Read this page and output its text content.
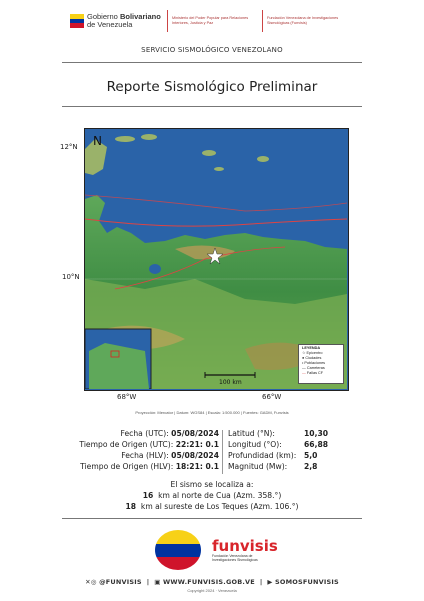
Gobierno Bolivariano
de Venezuela
Ministerio del Poder Popular para Relaciones Interiores, Justicia y Paz
Fundación Venezolana de Investigaciones Sismológicas (Funvisis)
SERVICIO SISMOLÓGICO VENEZOLANO
Reporte Sismológico Preliminar
12°N
10°N
68°W	66°W
N
100 km
LEYENDA
☆ Epicentro
● Ciudades
• Poblaciones
― Carreteras
― Fallas CF
Proyección: Mercator | Datum: WGS84 | Escala: 1:500.000 | Fuentes: GADM, Funvisis
Fecha (UTC): 05/08/2024 Latitud (°N):	10,30
Tiempo de Origen (UTC): 22:21: 0.1 Longitud (°O):	66,88
Fecha (HLV): 05/08/2024 Profundidad (km): 5,0
Tiempo de Origen (HLV): 18:21: 0.1 Magnitud (Mw): 2,8
El sismo se localiza a:
16 km al norte de Cua (Azm. 358.°)
18 km al sureste de Los Teques (Azm. 106.°)
funvisis
Fundación Venezolana de Investigaciones Sismológicas
✕◎ @FUNVISIS  |  ▣ WWW.FUNVISIS.GOB.VE  |  ▶ SOMOSFUNVISIS
Copyright 2024 · Venezuela
